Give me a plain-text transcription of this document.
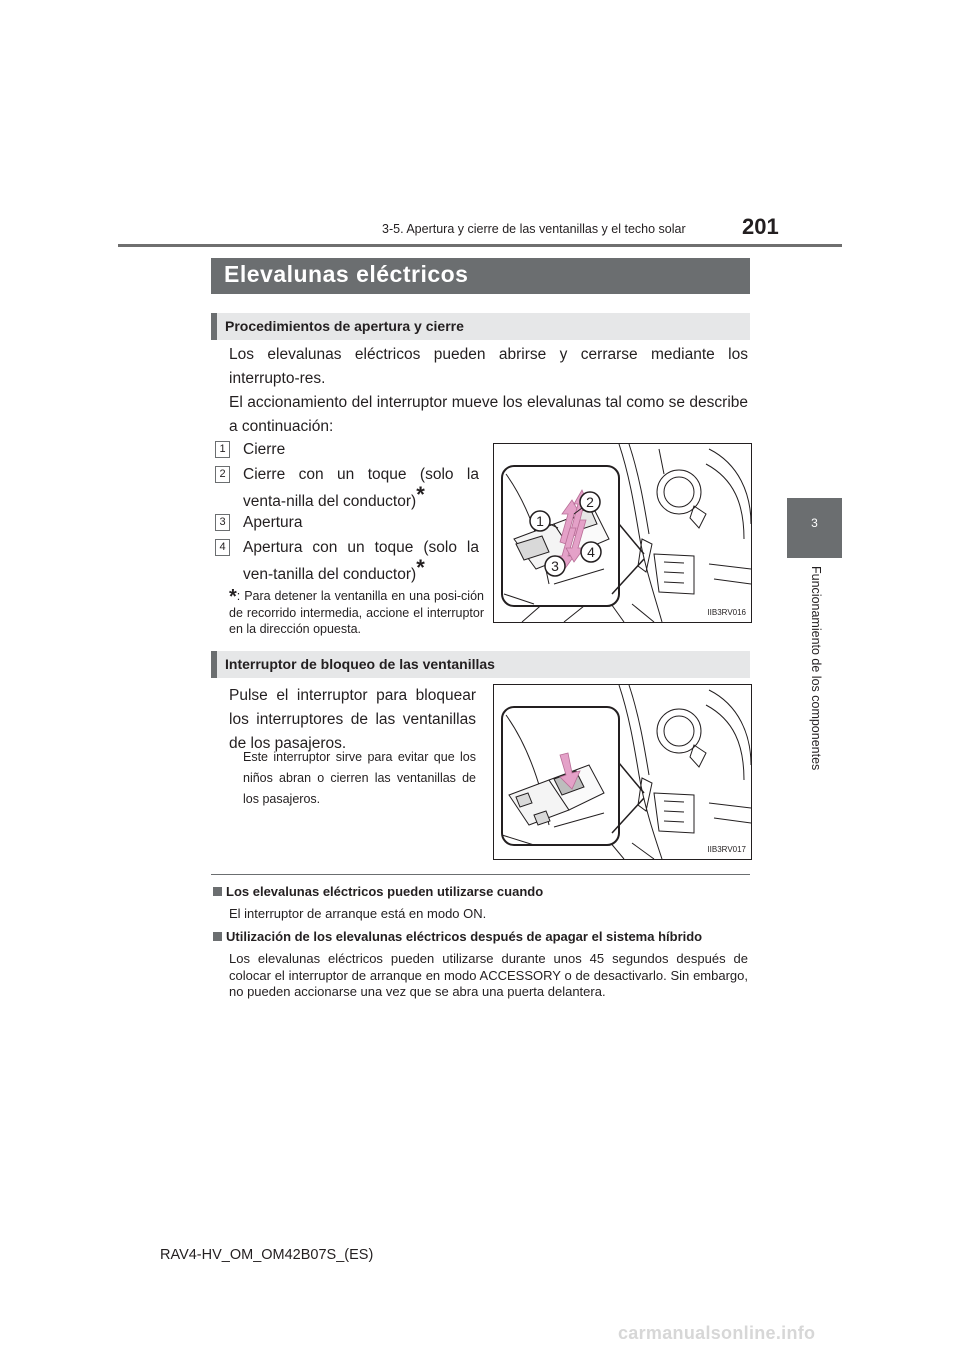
3-5. Apertura y cierre de las ventanillas y el techo solar	201
3
Funcionamiento de los componentes
Elevalunas eléctricos
Procedimientos de apertura y cierre
Los elevalunas eléctricos pueden abrirse y cerrarse mediante los interrupto-res.
El accionamiento del interruptor mueve los elevalunas tal como se describe a continuación:
1 Cierre
2 Cierre con un toque (solo la venta-nilla del conductor)*
3 Apertura
4 Apertura con un toque (solo la ven-tanilla del conductor)*
*: Para detener la ventanilla en una posi-ción de recorrido intermedia, accione el interruptor en la dirección opuesta.
2
1
3
4
IIB3RV016
Interruptor de bloqueo de las ventanillas
Pulse el interruptor para bloquear los interruptores de las ventanillas de los pasajeros.
Este interruptor sirve para evitar que los niños abran o cierren las ventanillas de los pasajeros.
IIB3RV017
Los elevalunas eléctricos pueden utilizarse cuando
El interruptor de arranque está en modo ON.
Utilización de los elevalunas eléctricos después de apagar el sistema híbrido
Los elevalunas eléctricos pueden utilizarse durante unos 45 segundos después de colocar el interruptor de arranque en modo ACCESSORY o de desactivarlo. Sin embargo, no pueden accionarse una vez que se abra una puerta delantera.
RAV4-HV_OM_OM42B07S_(ES)
carmanualsonline.info
